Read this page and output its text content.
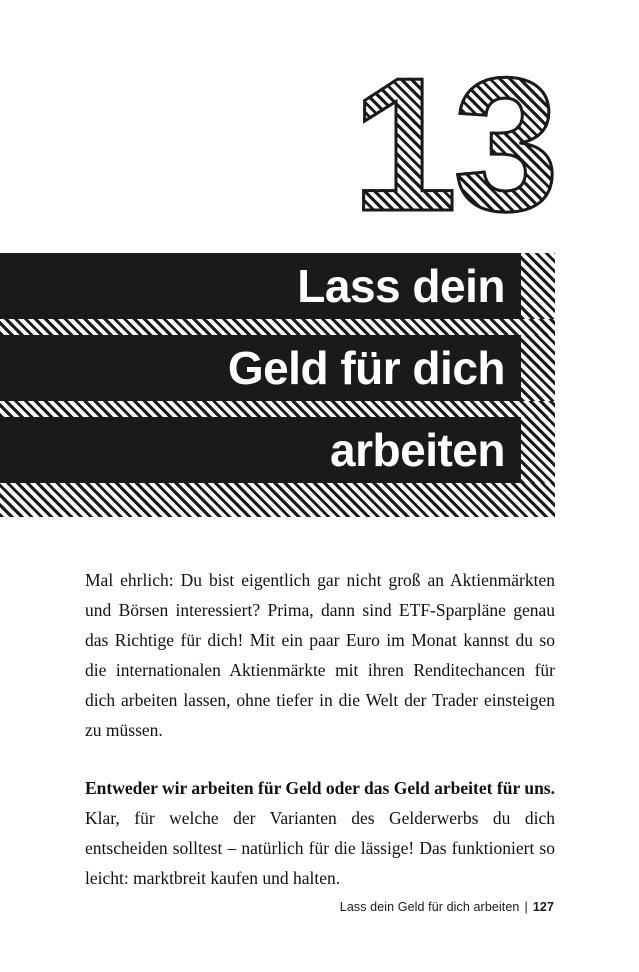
13
Lass dein
Geld für dich
arbeiten

Mal ehrlich: Du bist eigentlich gar nicht groß an Aktienmärkten und Börsen interessiert? Prima, dann sind ETF-Sparpläne genau das Richtige für dich! Mit ein paar Euro im Monat kannst du so die internationalen Aktienmärkte mit ihren Renditechancen für dich arbeiten lassen, ohne tiefer in die Welt der Trader einsteigen zu müssen.

Entweder wir arbeiten für Geld oder das Geld arbeitet für uns. Klar, für welche der Varianten des Gelderwerbs du dich entscheiden solltest – natürlich für die lässige! Das funktioniert so leicht: marktbreit kaufen und halten.

Lass dein Geld für dich arbeiten | 127
